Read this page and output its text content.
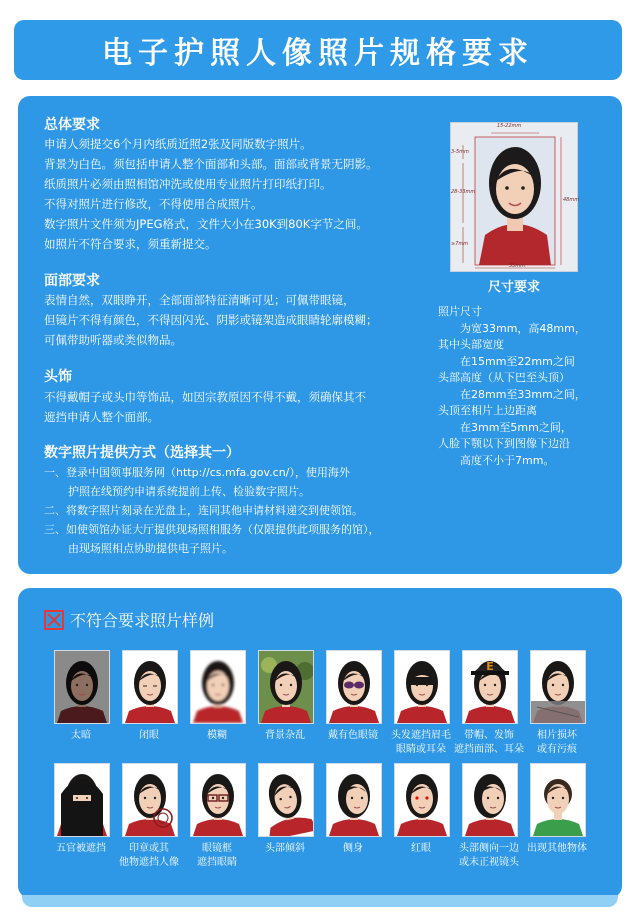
电子护照人像照片规格要求
总体要求
申请人须提交6个月内纸质近照2张及同版数字照片。
背景为白色。须包括申请人整个面部和头部。面部或背景无阴影。
纸质照片必须由照相馆冲洗或使用专业照片打印纸打印。
不得对照片进行修改，不得使用合成照片。
数字照片文件须为JPEG格式，文件大小在30K到80K字节之间。
如照片不符合要求，须重新提交。
面部要求
表情自然，双眼睁开，全部面部特征清晰可见；可佩带眼镜，
但镜片不得有颜色，不得因闪光、阴影或镜架造成眼睛轮廓模糊；
可佩带助听器或类似物品。
头饰
不得戴帽子或头巾等饰品，如因宗教原因不得不戴，须确保其不
遮挡申请人整个面部。
数字照片提供方式（选择其一）
一、登录中国领事服务网（http://cs.mfa.gov.cn/），使用海外
护照在线预约申请系统提前上传、检验数字照片。
二、将数字照片刻录在光盘上，连同其他申请材料递交到使领馆。
三、如使领馆办证大厅提供现场照相服务（仅限提供此项服务的馆），
由现场照相点协助提供电子照片。
15-22mm
3-5mm
28-33mm
≥7mm
48mm
33mm
尺寸要求
照片尺寸
为宽33mm，高48mm，
其中头部宽度
在15mm至22mm之间
头部高度（从下巴至头顶）
在28mm至33mm之间，
头顶至相片上边距离
在3mm至5mm之间，
人脸下颚以下到图像下边沿
高度不小于7mm。
不符合要求照片样例
太暗	闭眼	模糊	背景杂乱	戴有色眼镜	头发遮挡眉毛
眼睛或耳朵
E
带帽、发饰
遮挡面部、耳朵
相片损坏
或有污痕
五官被遮挡	印章或其
他物遮挡人像
眼镜框
遮挡眼睛
头部倾斜	侧身	红眼	头部侧向一边
或未正视镜头
出现其他物体
